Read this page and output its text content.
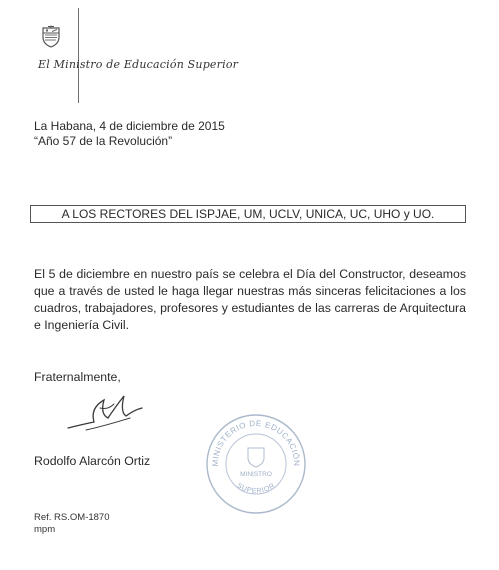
El Ministro de Educación Superior
La Habana, 4 de diciembre de 2015
“Año 57 de la Revolución”
A LOS RECTORES DEL ISPJAE, UM, UCLV, UNICA, UC, UHO y UO.
El 5 de diciembre en nuestro país se celebra el Día del Constructor, deseamos que a través de usted le haga llegar nuestras más sinceras felicitaciones a los cuadros, trabajadores, profesores y estudiantes de las carreras de Arquitectura e Ingeniería Civil.
Fraternalmente,
Rodolfo Alarcón Ortiz	MINISTERIO DE EDUCACIÓN
SUPERIOR
MINISTRO
Ref. RS.OM-1870
mpm
